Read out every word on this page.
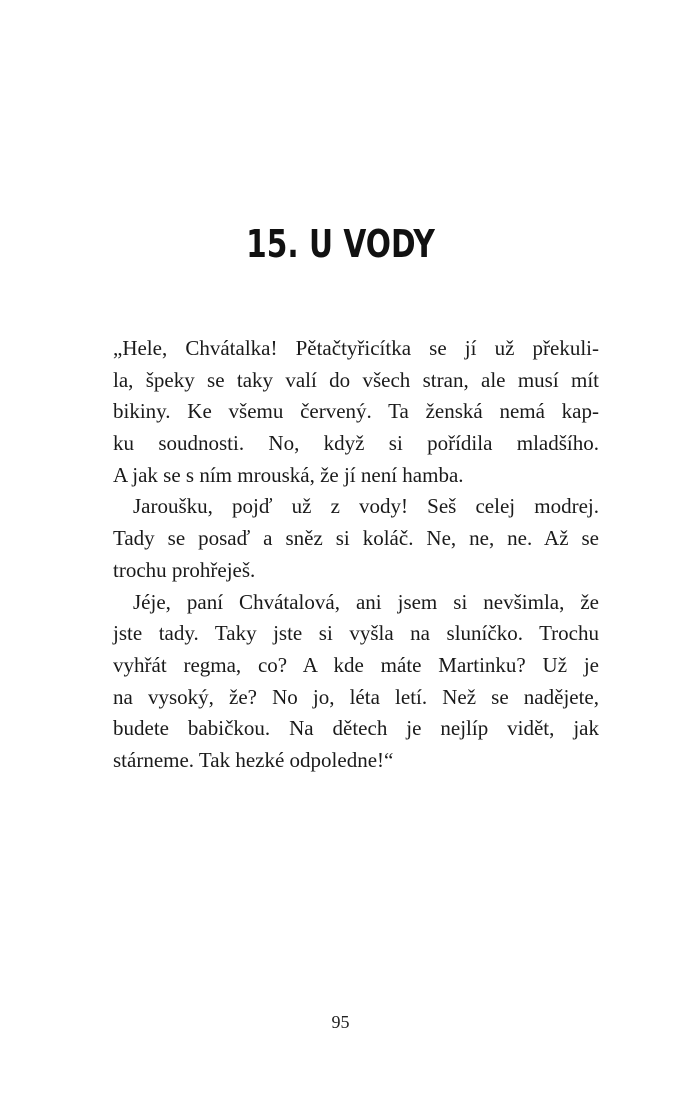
15. U VODY
„Hele, Chvátalka! Pětačtyřicítka se jí už překuli-
la, špeky se taky valí do všech stran, ale musí mít
bikiny. Ke všemu červený. Ta ženská nemá kap-
ku soudnosti. No, když si pořídila mladšího.
A jak se s ním mrouská, že jí není hamba.
Jaroušku, pojď už z vody! Seš celej modrej.
Tady se posaď a sněz si koláč. Ne, ne, ne. Až se
trochu prohřeješ.
Jéje, paní Chvátalová, ani jsem si nevšimla, že
jste tady. Taky jste si vyšla na sluníčko. Trochu
vyhřát regma, co? A kde máte Martinku? Už je
na vysoký, že? No jo, léta letí. Než se nadějete,
budete babičkou. Na dětech je nejlíp vidět, jak
stárneme. Tak hezké odpoledne!“
95
